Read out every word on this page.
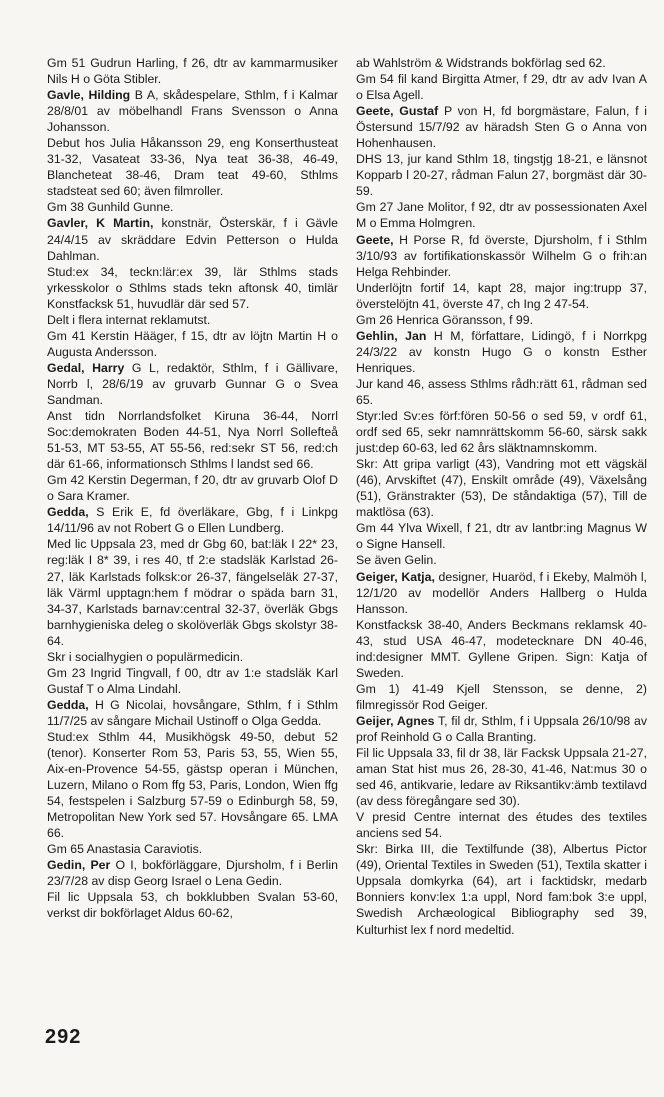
Gm 51 Gudrun Harling, f 26, dtr av kammarmusiker Nils H o Göta Stibler.

Gavle, Hilding B A, skådespelare, Sthlm, f i Kalmar 28/8/01 av möbelhandl Frans Svensson o Anna Johansson.

Debut hos Julia Håkansson 29, eng Konserthusteat 31-32, Vasateat 33-36, Nya teat 36-38, 46-49, Blancheteat 38-46, Dram teat 49-60, Sthlms stadsteat sed 60; även filmroller.

Gm 38 Gunhild Gunne.

Gavler, K Martin, konstnär, Österskär, f i Gävle 24/4/15 av skräddare Edvin Petterson o Hulda Dahlman.

Stud:ex 34, teckn:lär:ex 39, lär Sthlms stads yrkesskolor o Sthlms stads tekn aftonsk 40, timlär Konstfacksk 51, huvudlär där sed 57.

Delt i flera internat reklamutst.

Gm 41 Kerstin Hääger, f 15, dtr av löjtn Martin H o Augusta Andersson.

Gedal, Harry G L, redaktör, Sthlm, f i Gällivare, Norrb l, 28/6/19 av gruvarb Gunnar G o Svea Sandman.

Anst tidn Norrlandsfolket Kiruna 36-44, Norrl Soc:demokraten Boden 44-51, Nya Norrl Sollefteå 51-53, MT 53-55, AT 55-56, red:sekr ST 56, red:ch där 61-66, informationsch Sthlms l landst sed 66.

Gm 42 Kerstin Degerman, f 20, dtr av gruvarb Olof D o Sara Kramer.

Gedda, S Erik E, fd överläkare, Gbg, f i Linkpg 14/11/96 av not Robert G o Ellen Lundberg.

Med lic Uppsala 23, med dr Gbg 60, bat:läk I 22* 23, reg:läk I 8* 39, i res 40, tf 2:e stadsläk Karlstad 26-27, läk Karlstads folksk:or 26-37, fängelseläk 27-37, läk Värml upptagn:hem f mödrar o späda barn 31, 34-37, Karlstads barnav:central 32-37, överläk Gbgs barnhygieniska deleg o skolöverläk Gbgs skolstyr 38-64.

Skr i socialhygien o populärmedicin.

Gm 23 Ingrid Tingvall, f 00, dtr av 1:e stadsläk Karl Gustaf T o Alma Lindahl.

Gedda, H G Nicolai, hovsångare, Sthlm, f i Sthlm 11/7/25 av sångare Michail Ustinoff o Olga Gedda.

Stud:ex Sthlm 44, Musikhögsk 49-50, debut 52 (tenor). Konserter Rom 53, Paris 53, 55, Wien 55, Aix-en-Provence 54-55, gästsp operan i München, Luzern, Milano o Rom ffg 53, Paris, London, Wien ffg 54, festspelen i Salzburg 57-59 o Edinburgh 58, 59, Metropolitan New York sed 57. Hovsångare 65. LMA 66.

Gm 65 Anastasia Caraviotis.

Gedin, Per O I, bokförläggare, Djursholm, f i Berlin 23/7/28 av disp Georg Israel o Lena Gedin.

Fil lic Uppsala 53, ch bokklubben Svalan 53-60, verkst dir bokförlaget Aldus 60-62,

ab Wahlström & Widstrands bokförlag sed 62.

Gm 54 fil kand Birgitta Atmer, f 29, dtr av adv Ivan A o Elsa Agell.

Geete, Gustaf P von H, fd borgmästare, Falun, f i Östersund 15/7/92 av häradsh Sten G o Anna von Hohenhausen.

DHS 13, jur kand Sthlm 18, tingstjg 18-21, e länsnot Kopparb l 20-27, rådman Falun 27, borgmäst där 30-59.

Gm 27 Jane Molitor, f 92, dtr av possessionaten Axel M o Emma Holmgren.

Geete, H Porse R, fd överste, Djursholm, f i Sthlm 3/10/93 av fortifikationskassör Wilhelm G o frih:an Helga Rehbinder.

Underlöjtn fortif 14, kapt 28, major ing:trupp 37, överstelöjtn 41, överste 47, ch Ing 2 47-54.

Gm 26 Henrica Göransson, f 99.

Gehlin, Jan H M, författare, Lidingö, f i Norrkpg 24/3/22 av konstn Hugo G o konstn Esther Henriques.

Jur kand 46, assess Sthlms rådh:rätt 61, rådman sed 65.

Styr:led Sv:es förf:fören 50-56 o sed 59, v ordf 61, ordf sed 65, sekr namnrättskomm 56-60, särsk sakk just:dep 60-63, led 62 års släktnamnskomm.

Skr: Att gripa varligt (43), Vandring mot ett vägskäl (46), Arvskiftet (47), Enskilt område (49), Växelsång (51), Gränstrakter (53), De ståndaktiga (57), Till de maktlösa (63).

Gm 44 Ylva Wixell, f 21, dtr av lantbr:ing Magnus W o Signe Hansell.

Se även Gelin.

Geiger, Katja, designer, Huaröd, f i Ekeby, Malmöh l, 12/1/20 av modellör Anders Hallberg o Hulda Hansson.

Konstfacksk 38-40, Anders Beckmans reklamsk 40-43, stud USA 46-47, modetecknare DN 40-46, ind:designer MMT. Gyllene Gripen. Sign: Katja of Sweden.

Gm 1) 41-49 Kjell Stensson, se denne, 2) filmregissör Rod Geiger.

Geijer, Agnes T, fil dr, Sthlm, f i Uppsala 26/10/98 av prof Reinhold G o Calla Branting.

Fil lic Uppsala 33, fil dr 38, lär Facksk Uppsala 21-27, aman Stat hist mus 26, 28-30, 41-46, Nat:mus 30 o sed 46, antikvarie, ledare av Riksantikv:ämb textilavd (av dess föregångare sed 30).

V presid Centre internat des études des textiles anciens sed 54.

Skr: Birka III, die Textilfunde (38), Albertus Pictor (49), Oriental Textiles in Sweden (51), Textila skatter i Uppsala domkyrka (64), art i facktidskr, medarb Bonniers konv:lex 1:a uppl, Nord fam:bok 3:e uppl, Swedish Archæological Bibliography sed 39, Kulturhist lex f nord medeltid.

292
